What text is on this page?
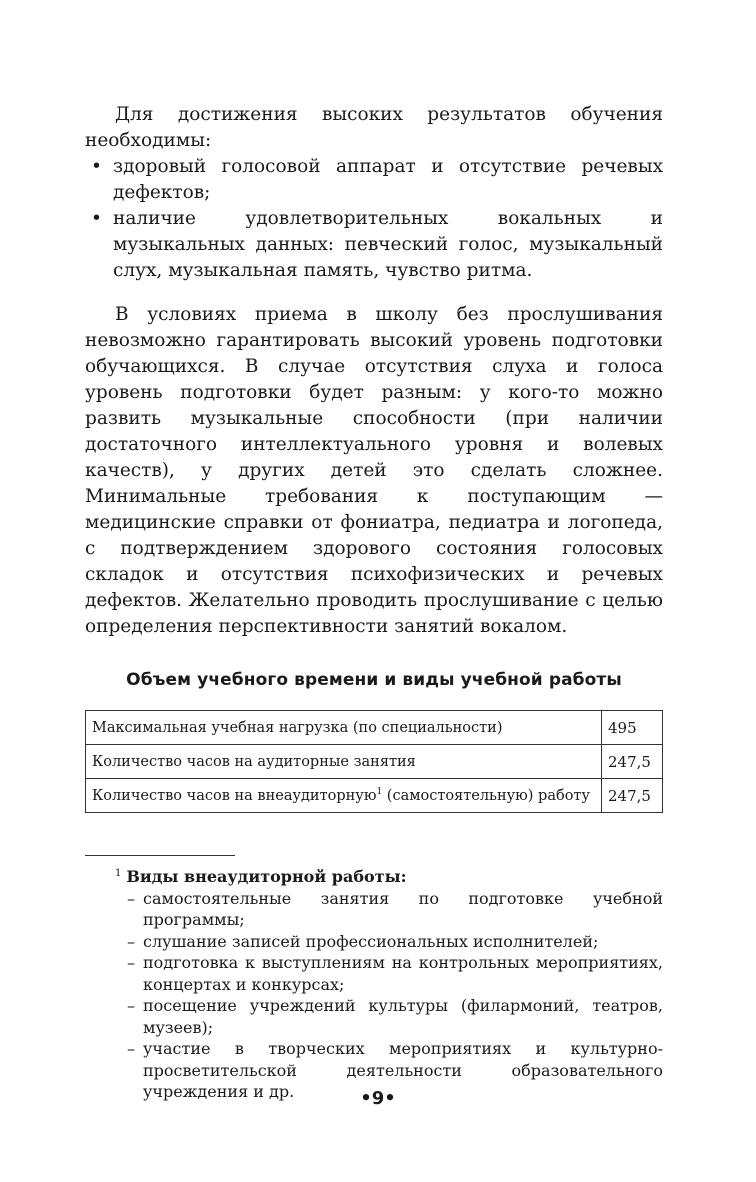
Для достижения высоких результатов обучения необходимы:

• здоровый голосовой аппарат и отсутствие речевых дефектов;
• наличие удовлетворительных вокальных и музыкальных данных: певческий голос, музыкальный слух, музыкальная память, чувство ритма.

В условиях приема в школу без прослушивания невозможно гарантировать высокий уровень подготовки обучающихся. В случае отсутствия слуха и голоса уровень подготовки будет разным: у кого-то можно развить музыкальные способности (при наличии достаточного интеллектуального уровня и волевых качеств), у других детей это сделать сложнее. Минимальные требования к поступающим — медицинские справки от фониатра, педиатра и логопеда, с подтверждением здорового состояния голосовых складок и отсутствия психофизических и речевых дефектов. Желательно проводить прослушивание с целью определения перспективности занятий вокалом.

Объем учебного времени и виды учебной работы
Максимальная учебная нагрузка (по специальности)	495
Количество часов на аудиторные занятия	247,5
Количество часов на внеаудиторную$^1$ (самостоятельную) работу	247,5
$^1$ Виды внеаудиторной работы:
– самостоятельные занятия по подготовке учебной программы;
– слушание записей профессиональных исполнителей;
– подготовка к выступлениям на контрольных мероприятиях, концертах и конкурсах;
– посещение учреждений культуры (филармоний, театров, музеев);
– участие в творческих мероприятиях и культурно-просветительской деятельности образовательного учреждения и др.	•9•
